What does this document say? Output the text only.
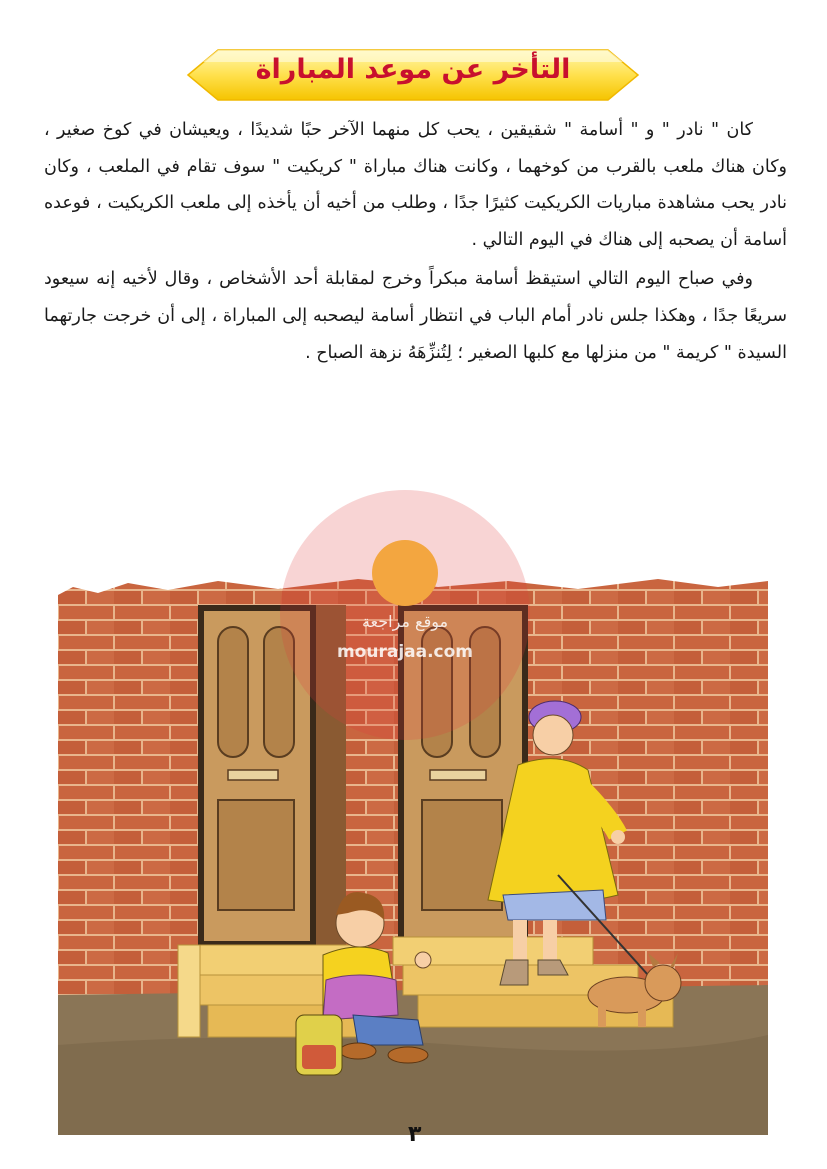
التأخر عن موعد المباراة

كان " نادر " و " أسامة " شقيقين ، يحب كل منهما الآخر حبًا شديدًا ، ويعيشان في كوخ صغير ، وكان هناك ملعب بالقرب من كوخهما ، وكانت هناك مباراة " كريكيت " سوف تقام في الملعب ، وكان نادر يحب مشاهدة مباريات الكريكيت كثيرًا جدًا ، وطلب من أخيه أن يأخذه إلى ملعب الكريكيت ، فوعده أسامة أن يصحبه إلى هناك في اليوم التالي .

وفي صباح اليوم التالي استيقظ أسامة مبكراً وخرج لمقابلة أحد الأشخاص ، وقال لأخيه إنه سيعود سريعًا جدًا ، وهكذا جلس نادر أمام الباب في انتظار أسامة ليصحبه إلى المباراة ، إلى أن خرجت جارتهما السيدة " كريمة " من منزلها مع كلبها الصغير ؛ لِتُنزِّهَهُ نزهة الصباح .

موقع مراجعة
mourajaa.com
٣
